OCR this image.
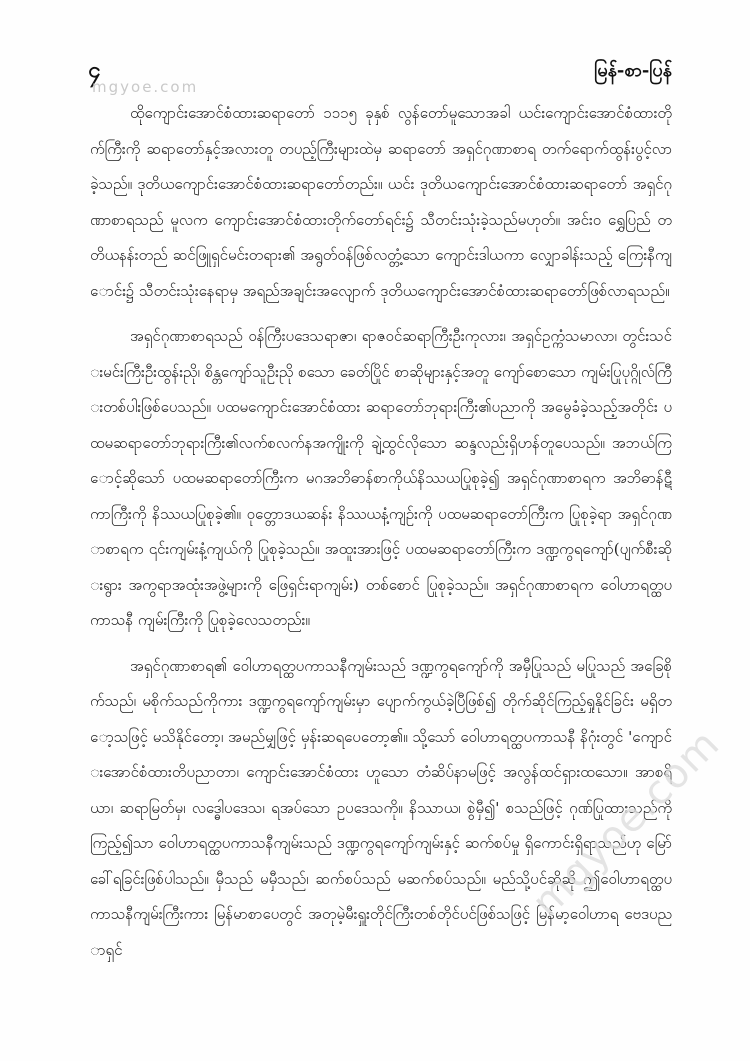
၄	မြန်-စာ-ပြန်
mgyoe.com

ထိုကျောင်းအောင်စံထားဆရာတော် ၁၁၁၅ ခုနှစ် လွန်တော်မူသောအခါ ယင်းကျောင်းအောင်စံထားတိုက်ကြီးကို ဆရာတော်နှင့်အလားတူ တပည့်ကြီးများထဲမှ ဆရာတော် အရှင်ဂုဏာစာရ တက်ရောက်ထွန်းပွင့်လာခဲ့သည်။ ဒုတိယကျောင်းအောင်စံထားဆရာတော်တည်း။ ယင်း ဒုတိယကျောင်းအောင်စံထားဆရာတော် အရှင်ဂုဏာစာရသည် မူလက ကျောင်းအောင်စံထားတိုက်တော်ရင်း၌ သီတင်းသုံးခဲ့သည်မဟုတ်။ အင်းဝ ရွှေပြည် တတိယနန်းတည် ဆင်ဖြူရှင်မင်းတရား၏ အရွတ်ဝန်ဖြစ်လတ္တံ့သော ကျောင်းဒါယကာ လျှောခါန်းသည့် ကြေးနီကျောင်း၌ သီတင်းသုံးနေရာမှ အရည်အချင်းအလျောက် ဒုတိယကျောင်းအောင်စံထားဆရာတော်ဖြစ်လာရသည်။

အရှင်ဂုဏာစာရသည် ဝန်ကြီးပဒေသရာဇာ၊ ရာဇဝင်ဆရာကြီးဦးကုလား၊ အရှင်ဥက္ကံသမာလာ၊ တွင်းသင်းမင်းကြီးဦးထွန်းညို၊ စိန္တကျော်သူဦးညို စသော ခေတ်ပြိုင် စာဆိုများနှင့်အတူ ကျော်စောသော ကျမ်းပြုပုဂ္ဂိုလ်ကြီးတစ်ပါးဖြစ်ပေသည်။ ပထမကျောင်းအောင်စံထား ဆရာတော်ဘုရားကြီး၏ပညာကို အမွေခံခဲ့သည့်အတိုင်း ပထမဆရာတော်ဘုရားကြီး၏လက်စလက်နအကျိုးကို ချဲ့ထွင်လိုသော ဆန္ဒလည်းရှိဟန်တူပေသည်။ အဘယ်ကြောင့်ဆိုသော် ပထမဆရာတော်ကြီးက မဂအဘိဓာန်စာကိုယ်နိဿယပြုစုခဲ့၍ အရှင်ဂုဏာစာရက အဘိဓာန်ဋီကာကြီးကို နိဿယပြုစုခဲ့၏။ ဝုတ္တောဒယဆန်း နိဿယနံ့ကျဉ်းကို ပထမဆရာတော်ကြီးက ပြုစုခဲ့ရာ အရှင်ဂုဏာစာရက ၎င်းကျမ်းနံ့ကျယ်ကို ပြုစုခဲ့သည်။ အထူးအားဖြင့် ပထမဆရာတော်ကြီးက ဒဏ္ဍကွရကျော်(ပျက်စီးဆိုးရွား အကွရာအထုံးအဖွဲ့များကို ဖြေရှင်းရာကျမ်း) တစ်စောင် ပြုစုခဲ့သည်။ အရှင်ဂုဏာစာရက ဝေါဟာရတ္ထပကာသနီ ကျမ်းကြီးကို ပြုစုခဲ့လေသတည်း။

အရှင်ဂုဏာစာရ၏ ဝေါဟာရတ္ထပကာသနီကျမ်းသည် ဒဏ္ဍကွရကျော်ကို အမှီပြုသည် မပြုသည် အခြေစိုက်သည်၊ မစိုက်သည်ကိုကား ဒဏ္ဍကွရကျော်ကျမ်းမှာ ပျောက်ကွယ်ခဲ့ပြီဖြစ်၍ တိုက်ဆိုင်ကြည့်ရှုနိုင်ခြင်း မရှိတော့သဖြင့် မသိနိုင်တော့၊ အမည်မျှဖြင့် မှန်းဆရပေတော့၏။ သို့သော် ဝေါဟာရတ္ထပကာသနီ နိဂုံးတွင် 'ကျောင်းအောင်စံထားတိပညာတာ၊ ကျောင်းအောင်စံထား ဟူသော တံဆိပ်နာမဖြင့် အလွန်ထင်ရှားထသော။ အာစရိယာ၊ ဆရာမြတ်မှ၊ လဒ္ဓေါပဒေသ၊ ရအပ်သော ဥပဒေသကို။ နိဿာယ၊ စွဲမှီ၍' စသည်ဖြင့် ဂုဏ်ပြုထားသည်ကို ကြည့်၍သာ ဝေါဟာရတ္ထပကာသနီကျမ်းသည် ဒဏ္ဍကွရကျော်ကျမ်းနှင့် ဆက်စပ်မှု ရှိကောင်းရှိရာသည်ဟု မြော်ခေါ်ရခြင်းဖြစ်ပါသည်။ မှီသည် မမှီသည်၊ ဆက်စပ်သည် မဆက်စပ်သည်။ မည်သို့ပင်ဆိုဆို ဤဝေါဟာရတ္ထပကာသနီကျမ်းကြီးကား မြန်မာစာပေတွင် အတုမဲ့မီးရှူးတိုင်ကြီးတစ်တိုင်ပင်ဖြစ်သဖြင့် မြန်မာ့ဝေါဟာရ ဗေဒပညာရှင်

mgyoe.com
